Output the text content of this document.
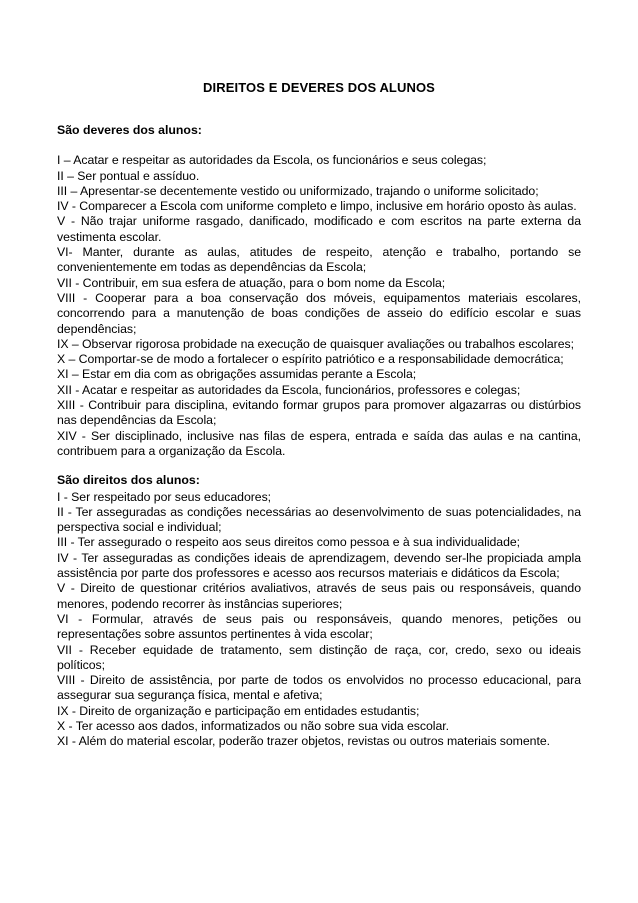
DIREITOS E DEVERES DOS ALUNOS

São deveres dos alunos:

I – Acatar e respeitar as autoridades da Escola, os funcionários e seus colegas;

II – Ser pontual e assíduo.

III – Apresentar-se decentemente vestido ou uniformizado, trajando o uniforme solicitado;

IV - Comparecer a Escola com uniforme completo e limpo, inclusive em horário oposto às aulas.

V - Não trajar uniforme rasgado, danificado, modificado e com escritos na parte externa da vestimenta escolar.

VI- Manter, durante as aulas, atitudes de respeito, atenção e trabalho, portando se convenientemente em todas as dependências da Escola;

VII - Contribuir, em sua esfera de atuação, para o bom nome da Escola;

VIII - Cooperar para a boa conservação dos móveis, equipamentos materiais escolares, concorrendo para a manutenção de boas condições de asseio do edifício escolar e suas dependências;

IX – Observar rigorosa probidade na execução de quaisquer avaliações ou trabalhos escolares;

X – Comportar-se de modo a fortalecer o espírito patriótico e a responsabilidade democrática;

XI – Estar em dia com as obrigações assumidas perante a Escola;

XII - Acatar e respeitar as autoridades da Escola, funcionários, professores e colegas;

XIII - Contribuir para disciplina, evitando formar grupos para promover algazarras ou distúrbios nas dependências da Escola;

XIV - Ser disciplinado, inclusive nas filas de espera, entrada e saída das aulas e na cantina, contribuem para a organização da Escola.

São direitos dos alunos:

I - Ser respeitado por seus educadores;

II - Ter asseguradas as condições necessárias ao desenvolvimento de suas potencialidades, na perspectiva social e individual;

III - Ter assegurado o respeito aos seus direitos como pessoa e à sua individualidade;

IV - Ter asseguradas as condições ideais de aprendizagem, devendo ser-lhe propiciada ampla assistência por parte dos professores e acesso aos recursos materiais e didáticos da Escola;

V - Direito de questionar critérios avaliativos, através de seus pais ou responsáveis, quando menores, podendo recorrer às instâncias superiores;

VI - Formular, através de seus pais ou responsáveis, quando menores, petições ou representações sobre assuntos pertinentes à vida escolar;

VII - Receber equidade de tratamento, sem distinção de raça, cor, credo, sexo ou ideais políticos;

VIII - Direito de assistência, por parte de todos os envolvidos no processo educacional, para assegurar sua segurança física, mental e afetiva;

IX - Direito de organização e participação em entidades estudantis;

X - Ter acesso aos dados, informatizados ou não sobre sua vida escolar.

XI - Além do material escolar, poderão trazer objetos, revistas ou outros materiais somente.
